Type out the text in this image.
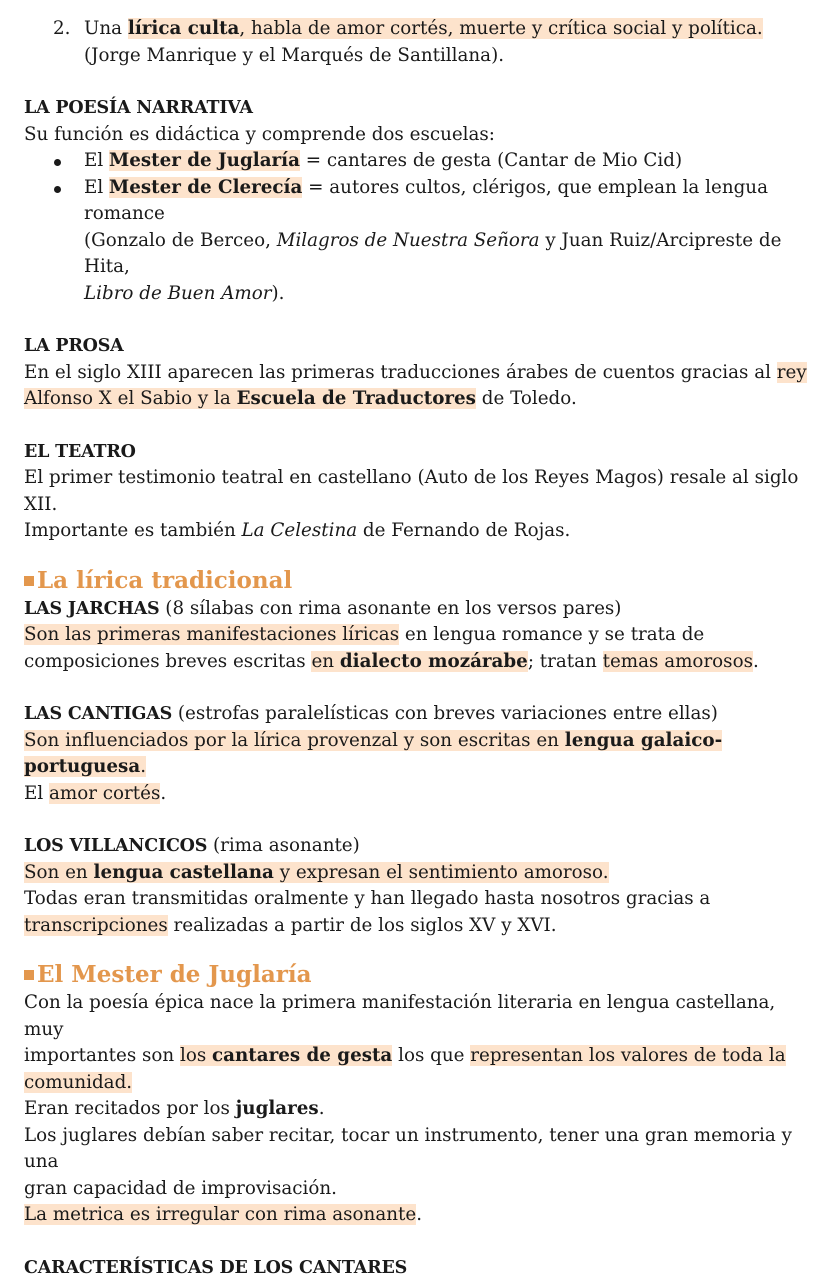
2. Una lírica culta, habla de amor cortés, muerte y crítica social y política. (Jorge Manrique y el Marqués de Santillana).

LA POESÍA NARRATIVA

Su función es didáctica y comprende dos escuelas:

El Mester de Juglaría = cantares de gesta (Cantar de Mio Cid)
El Mester de Clerecía = autores cultos, clérigos, que emplean la lengua romance
(Gonzalo de Berceo, Milagros de Nuestra Señora y Juan Ruiz/Arcipreste de Hita,
Libro de Buen Amor).

LA PROSA

En el siglo XIII aparecen las primeras traducciones árabes de cuentos gracias al rey
Alfonso X el Sabio y la Escuela de Traductores de Toledo.

EL TEATRO

El primer testimonio teatral en castellano (Auto de los Reyes Magos) resale al siglo XII.
Importante es también La Celestina de Fernando de Rojas.

La lírica tradicional

LAS JARCHAS (8 sílabas con rima asonante en los versos pares)

Son las primeras manifestaciones líricas en lengua romance y se trata de
composiciones breves escritas en dialecto mozárabe; tratan temas amorosos.

LAS CANTIGAS (estrofas paralelísticas con breves variaciones entre ellas)

Son influenciados por la lírica provenzal y son escritas en lengua galaico-portuguesa.
El amor cortés.

LOS VILLANCICOS (rima asonante)

Son en lengua castellana y expresan el sentimiento amoroso.
Todas eran transmitidas oralmente y han llegado hasta nosotros gracias a
transcripciones realizadas a partir de los siglos XV y XVI.

El Mester de Juglaría

Con la poesía épica nace la primera manifestación literaria en lengua castellana, muy
importantes son los cantares de gesta los que representan los valores de toda la
comunidad.
Eran recitados por los juglares.
Los juglares debían saber recitar, tocar un instrumento, tener una gran memoria y una
gran capacidad de improvisación.
La metrica es irregular con rima asonante.

CARACTERÍSTICAS DE LOS CANTARES
